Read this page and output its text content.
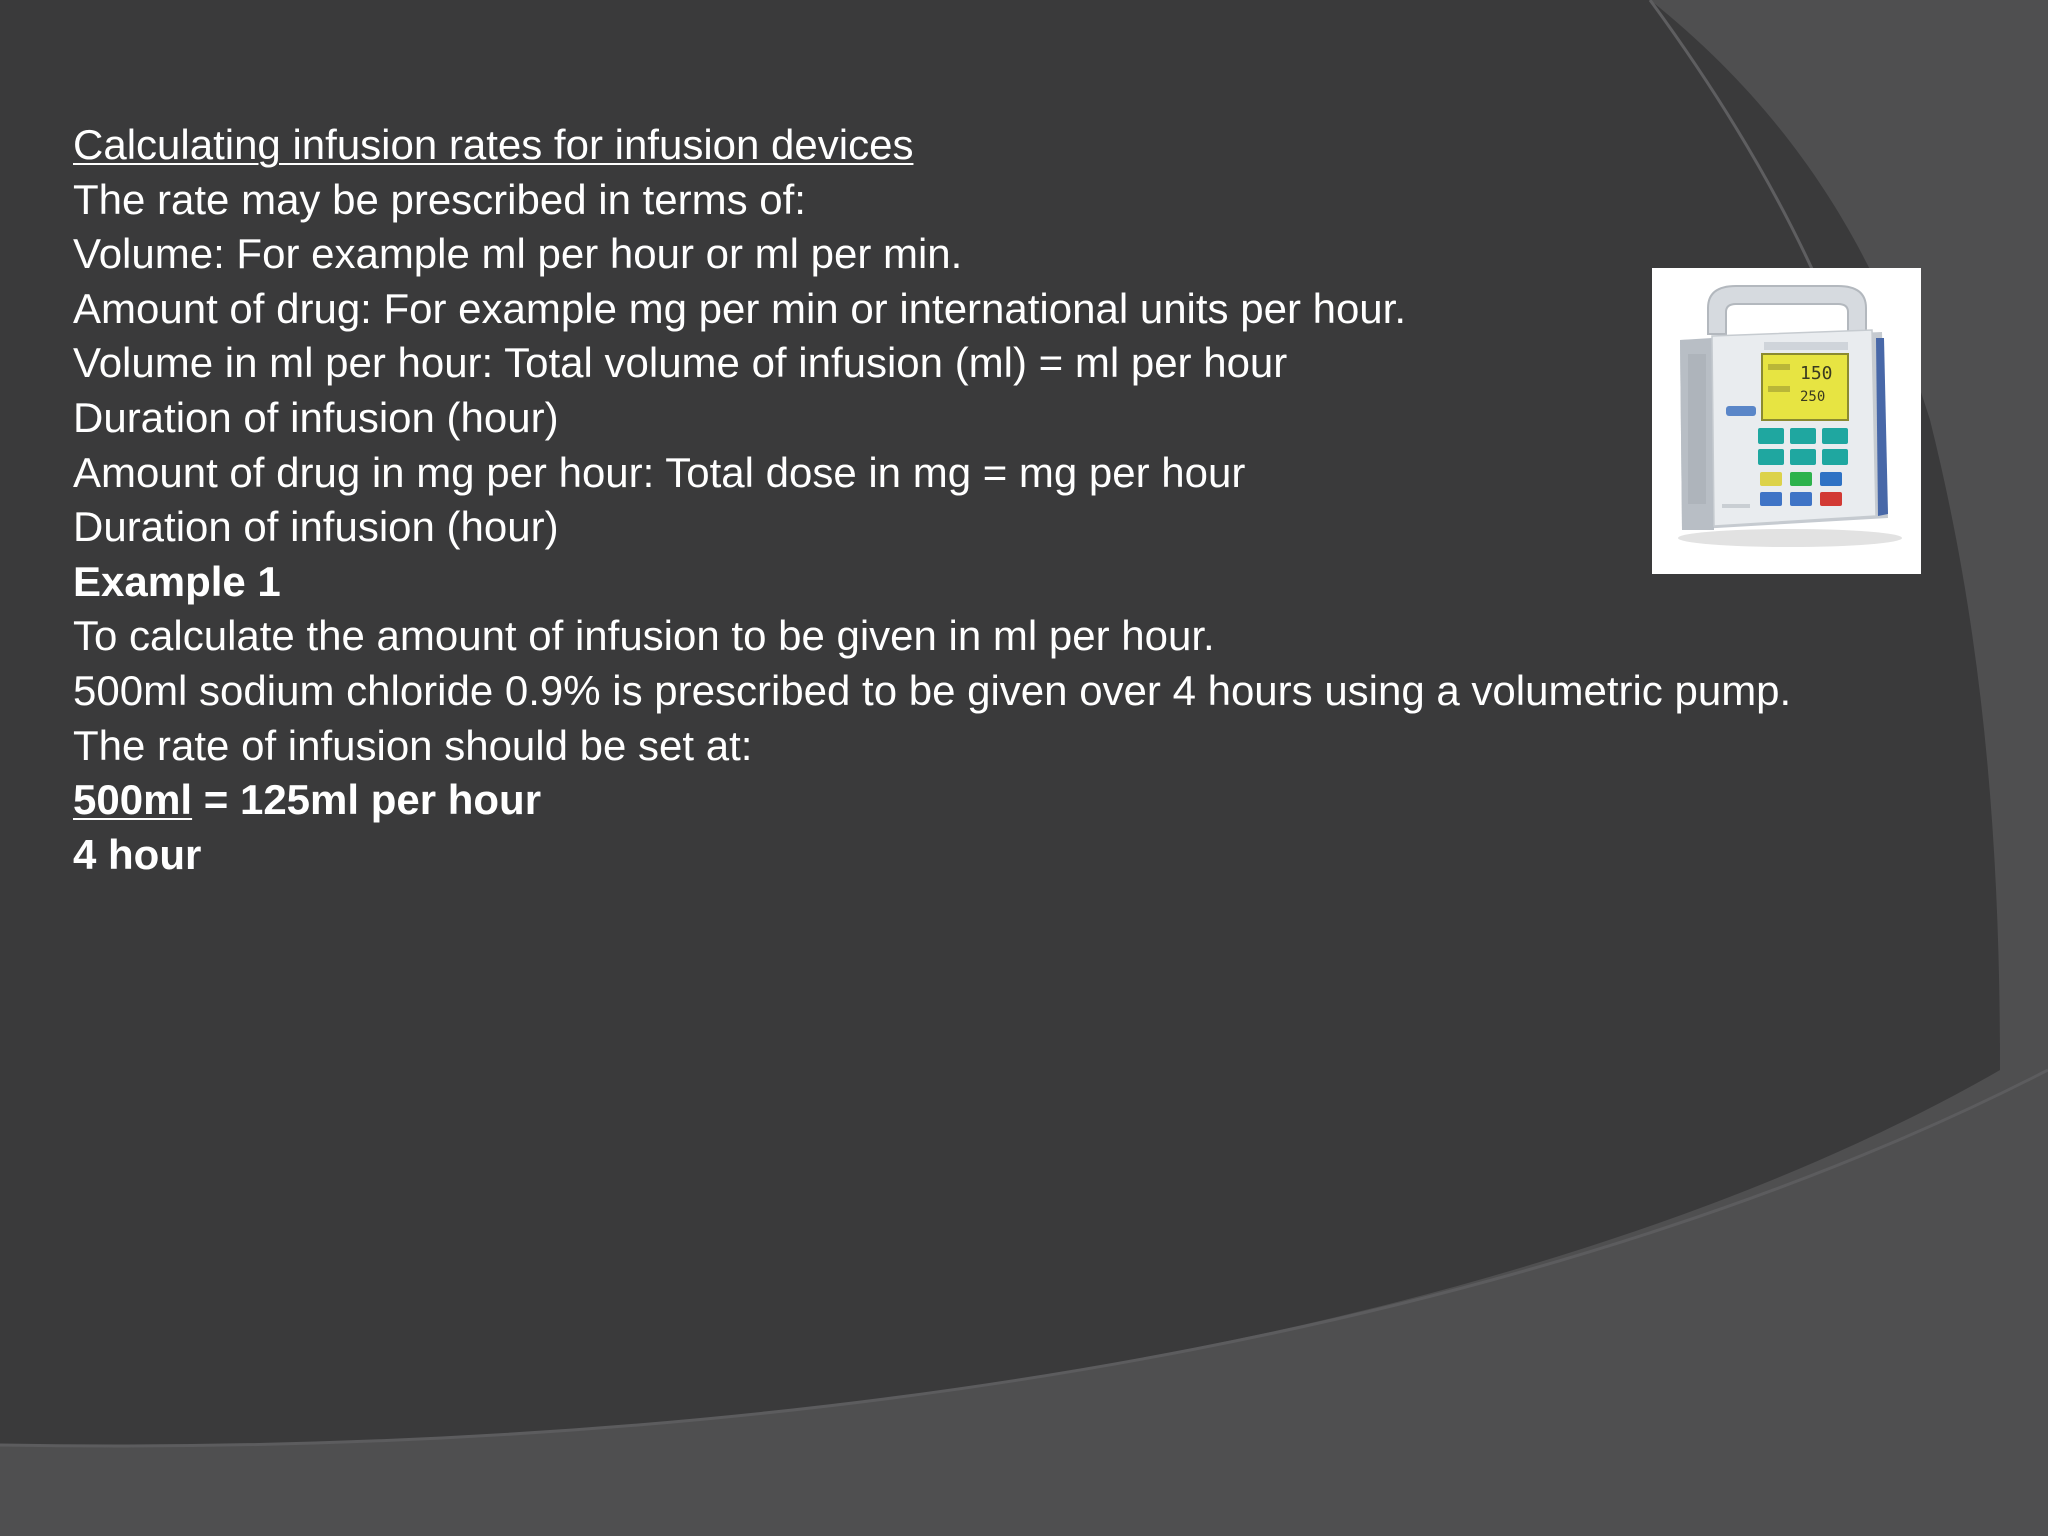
Calculating infusion rates for infusion devices
The rate may be prescribed in terms of:
Volume: For example ml per hour or ml per min.
Amount of drug: For example mg per min or international units per hour.
Volume in ml per hour: Total volume of infusion (ml) = ml per hour
Duration of infusion (hour)
Amount of drug in mg per hour: Total dose in mg = mg per hour
Duration of infusion (hour)
Example 1
To calculate the amount of infusion to be given in ml per hour.
500ml sodium chloride 0.9% is prescribed to be given over 4 hours using a volumetric pump.
The rate of infusion should be set at:
500ml = 125ml per hour
4 hour
150
250
